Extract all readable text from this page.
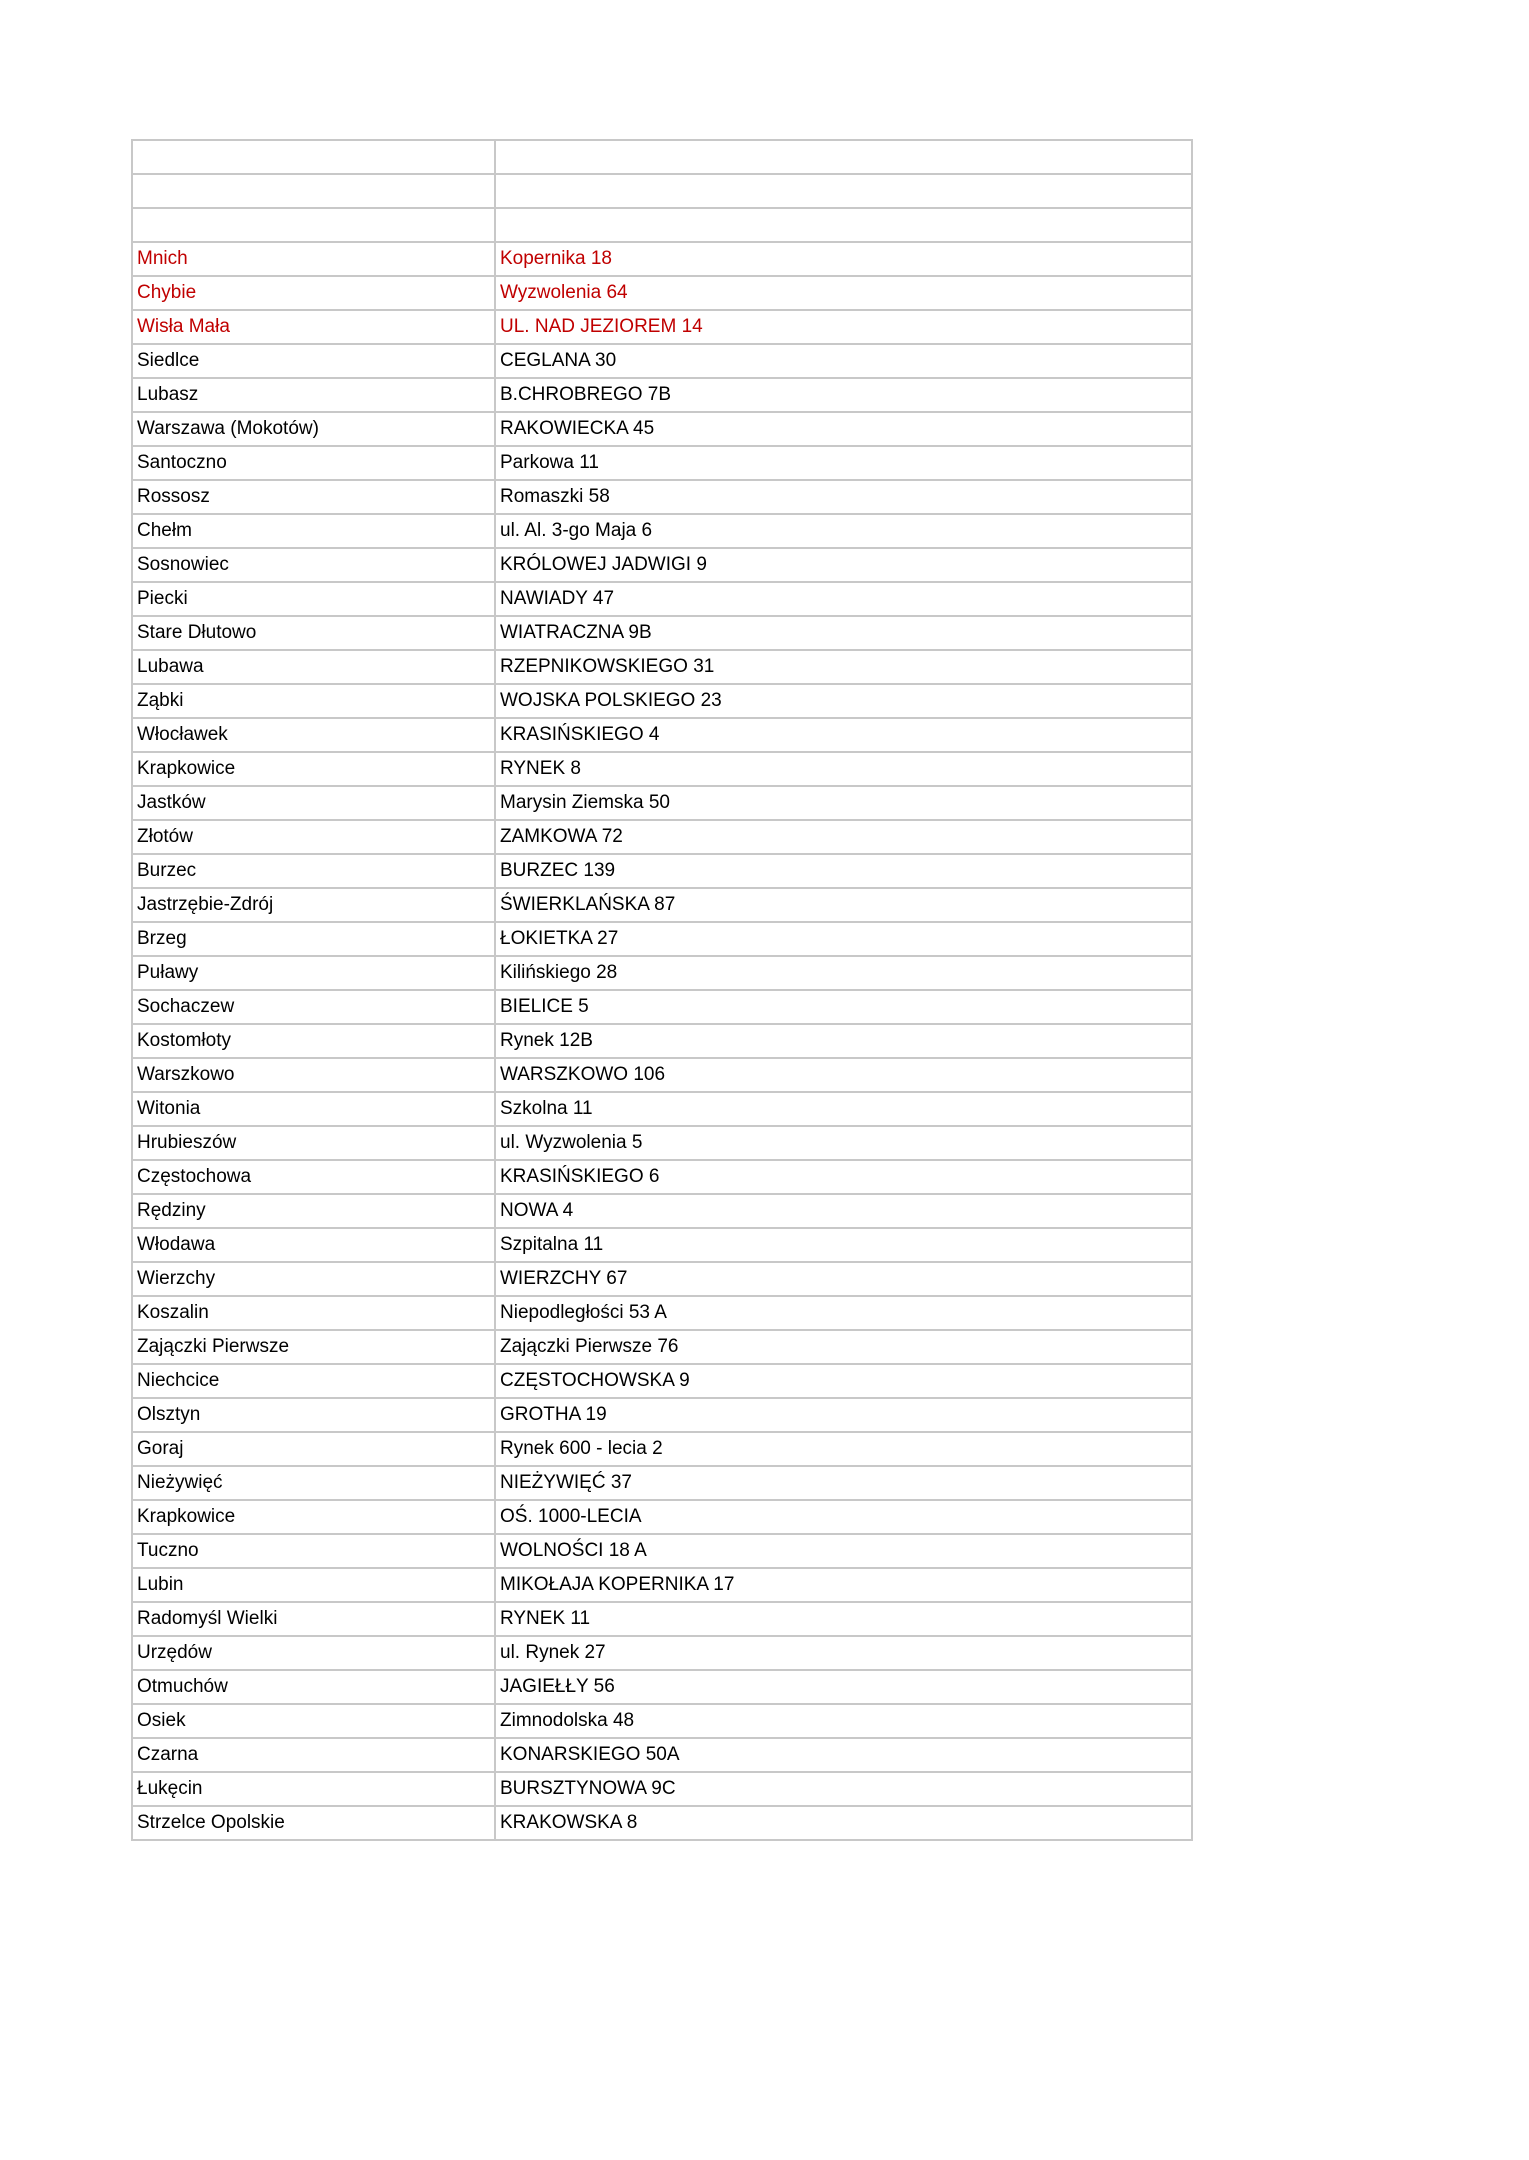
Mnich	Kopernika 18
Chybie	Wyzwolenia 64
Wisła Mała	UL. NAD JEZIOREM 14
Siedlce	CEGLANA 30
Lubasz	B.CHROBREGO 7B
Warszawa (Mokotów)	RAKOWIECKA 45
Santoczno	Parkowa 11
Rossosz	Romaszki 58
Chełm	ul. Al. 3-go Maja 6
Sosnowiec	KRÓLOWEJ JADWIGI 9
Piecki	NAWIADY 47
Stare Dłutowo	WIATRACZNA 9B
Lubawa	RZEPNIKOWSKIEGO 31
Ząbki	WOJSKA POLSKIEGO 23
Włocławek	KRASIŃSKIEGO 4
Krapkowice	RYNEK 8
Jastków	Marysin Ziemska 50
Złotów	ZAMKOWA 72
Burzec	BURZEC 139
Jastrzębie-Zdrój	ŚWIERKLAŃSKA 87
Brzeg	ŁOKIETKA 27
Puławy	Kilińskiego 28
Sochaczew	BIELICE 5
Kostomłoty	Rynek 12B
Warszkowo	WARSZKOWO 106
Witonia	Szkolna 11
Hrubieszów	ul. Wyzwolenia 5
Częstochowa	KRASIŃSKIEGO 6
Rędziny	NOWA 4
Włodawa	Szpitalna 11
Wierzchy	WIERZCHY 67
Koszalin	Niepodległości 53 A
Zajączki Pierwsze	Zajączki Pierwsze 76
Niechcice	CZĘSTOCHOWSKA 9
Olsztyn	GROTHA 19
Goraj	Rynek 600 - lecia 2
Nieżywięć	NIEŻYWIĘĆ 37
Krapkowice	OŚ. 1000-LECIA
Tuczno	WOLNOŚCI 18 A
Lubin	MIKOŁAJA KOPERNIKA 17
Radomyśl Wielki	RYNEK 11
Urzędów	ul. Rynek 27
Otmuchów	JAGIEŁŁY 56
Osiek	Zimnodolska 48
Czarna	KONARSKIEGO 50A
Łukęcin	BURSZTYNOWA 9C
Strzelce Opolskie	KRAKOWSKA 8
